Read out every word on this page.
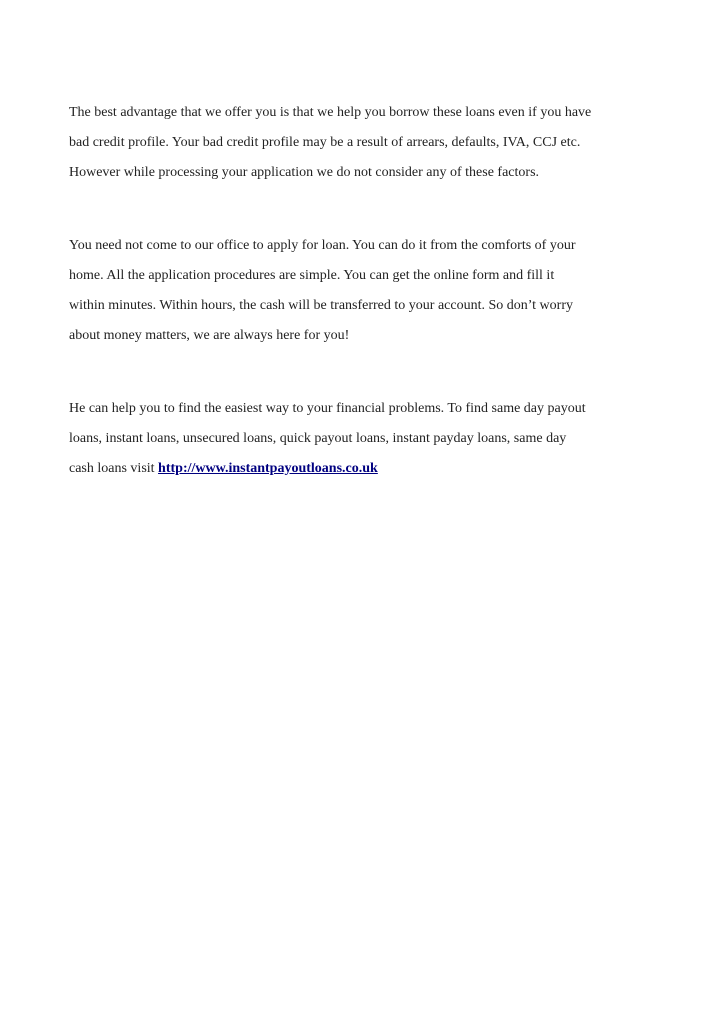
The best advantage that we offer you is that we help you borrow these loans even if you have
bad credit profile. Your bad credit profile may be a result of arrears, defaults, IVA, CCJ etc.
However while processing your application we do not consider any of these factors.
You need not come to our office to apply for loan. You can do it from the comforts of your
home. All the application procedures are simple. You can get the online form and fill it
within minutes. Within hours, the cash will be transferred to your account. So don’t worry
about money matters, we are always here for you!
He can help you to find the easiest way to your financial problems. To find same day payout
loans, instant loans, unsecured loans, quick payout loans, instant payday loans, same day
cash loans visit http://www.instantpayoutloans.co.uk
